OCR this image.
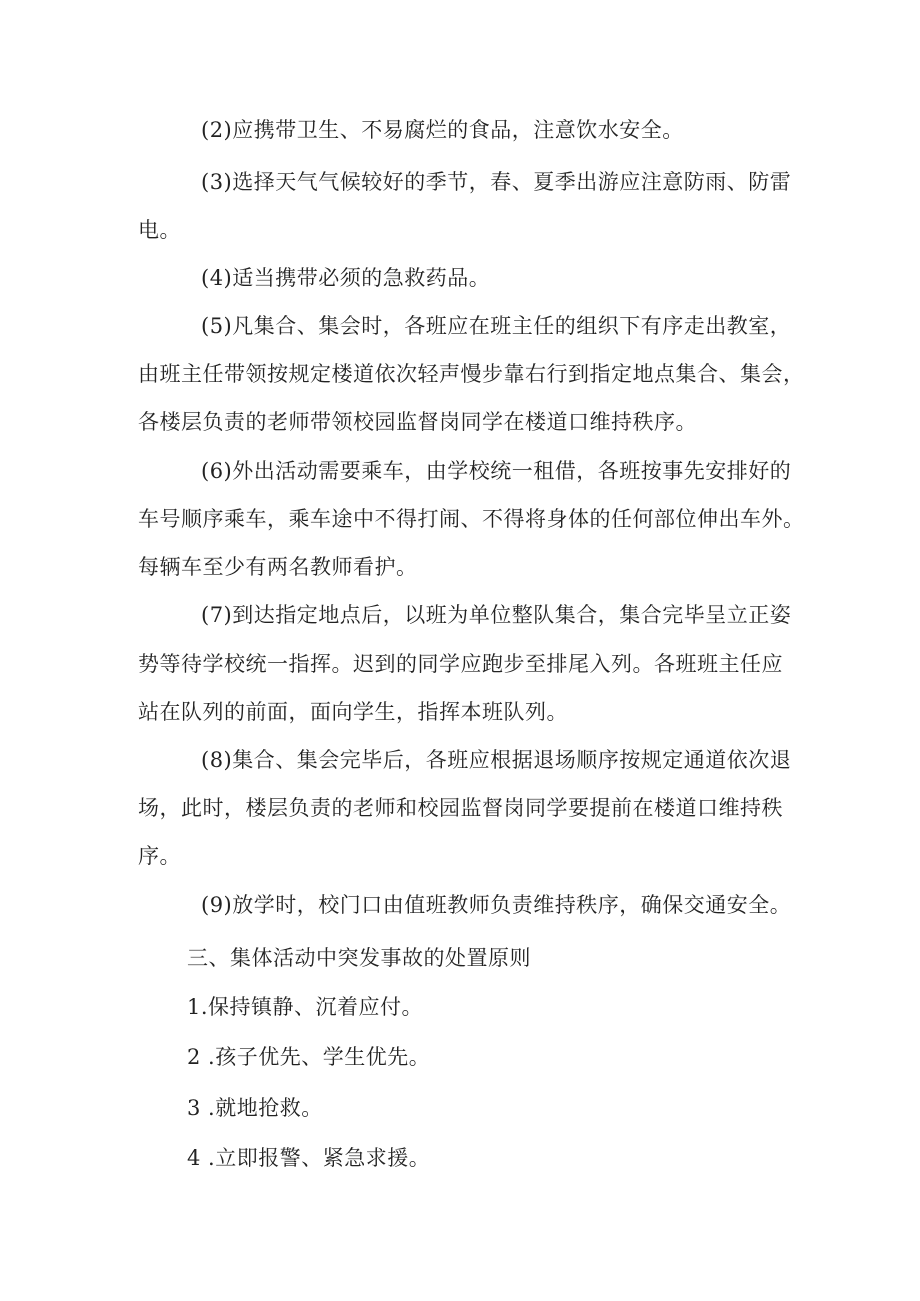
(2)应携带卫生、不易腐烂的食品，注意饮水安全。
(3)选择天气气候较好的季节，春、夏季出游应注意防雨、防雷
电。
(4)适当携带必须的急救药品。
(5)凡集合、集会时，各班应在班主任的组织下有序走出教室，
由班主任带领按规定楼道依次轻声慢步靠右行到指定地点集合、集会，
各楼层负责的老师带领校园监督岗同学在楼道口维持秩序。
(6)外出活动需要乘车，由学校统一租借，各班按事先安排好的
车号顺序乘车，乘车途中不得打闹、不得将身体的任何部位伸出车外。
每辆车至少有两名教师看护。
(7)到达指定地点后，以班为单位整队集合，集合完毕呈立正姿
势等待学校统一指挥。迟到的同学应跑步至排尾入列。各班班主任应
站在队列的前面，面向学生，指挥本班队列。
(8)集合、集会完毕后，各班应根据退场顺序按规定通道依次退
场，此时，楼层负责的老师和校园监督岗同学要提前在楼道口维持秩
序。
(9)放学时，校门口由值班教师负责维持秩序，确保交通安全。
三、集体活动中突发事故的处置原则
1.保持镇静、沉着应付。
2 .孩子优先、学生优先。
3 .就地抢救。
4 .立即报警、紧急求援。
